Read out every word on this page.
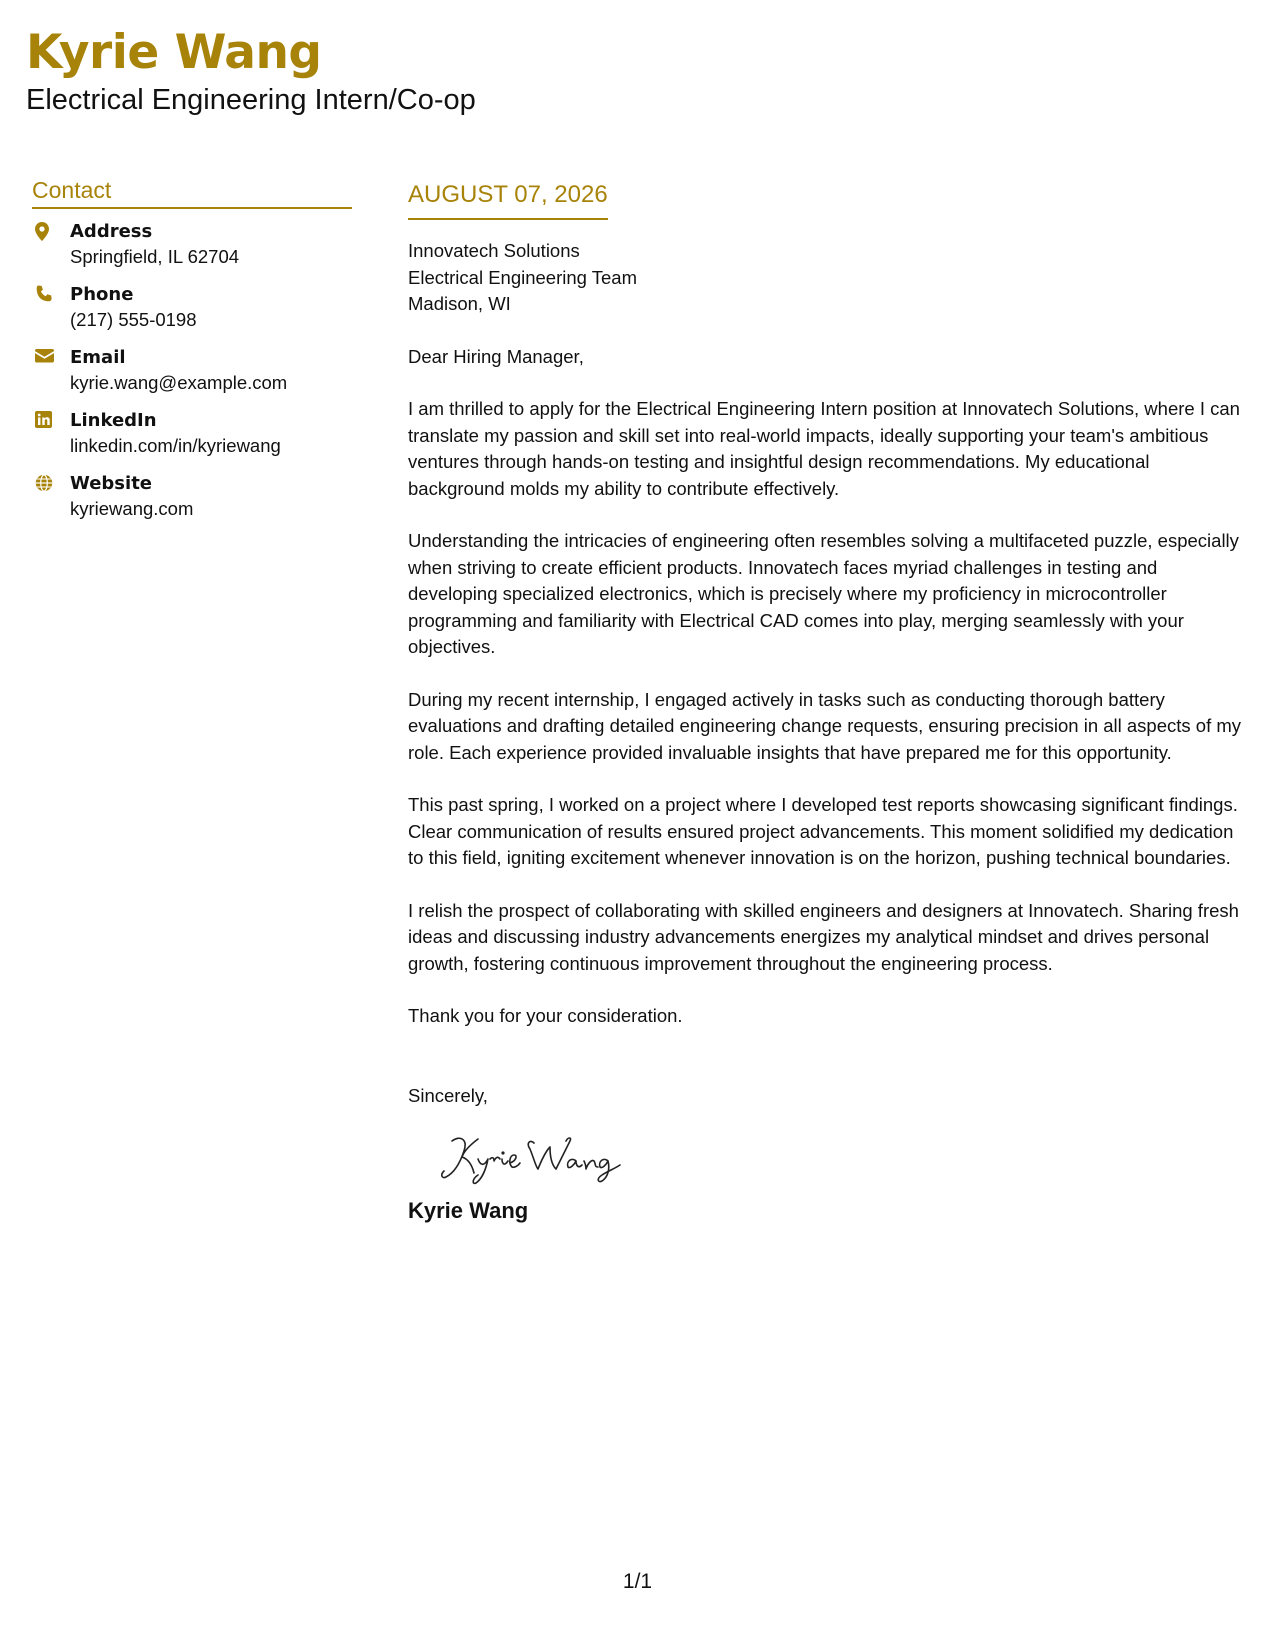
Kyrie Wang
Electrical Engineering Intern/Co-op
Contact
Address
Springfield, IL 62704
Phone
(217) 555-0198
Email
kyrie.wang@example.com
LinkedIn
linkedin.com/in/kyriewang
Website
kyriewang.com
AUGUST 07, 2026
Innovatech Solutions
Electrical Engineering Team
Madison, WI
Dear Hiring Manager,

I am thrilled to apply for the Electrical Engineering Intern position at Innovatech Solutions, where I can translate my passion and skill set into real-world impacts, ideally supporting your team's ambitious ventures through hands-on testing and insightful design recommendations. My educational background molds my ability to contribute effectively.

Understanding the intricacies of engineering often resembles solving a multifaceted puzzle, especially when striving to create efficient products. Innovatech faces myriad challenges in testing and developing specialized electronics, which is precisely where my proficiency in microcontroller programming and familiarity with Electrical CAD comes into play, merging seamlessly with your objectives.

During my recent internship, I engaged actively in tasks such as conducting thorough battery evaluations and drafting detailed engineering change requests, ensuring precision in all aspects of my role. Each experience provided invaluable insights that have prepared me for this opportunity.

This past spring, I worked on a project where I developed test reports showcasing significant findings. Clear communication of results ensured project advancements. This moment solidified my dedication to this field, igniting excitement whenever innovation is on the horizon, pushing technical boundaries.

I relish the prospect of collaborating with skilled engineers and designers at Innovatech. Sharing fresh ideas and discussing industry advancements energizes my analytical mindset and drives personal growth, fostering continuous improvement throughout the engineering process.

Thank you for your consideration.

Sincerely,
Kyrie Wang
1/1
